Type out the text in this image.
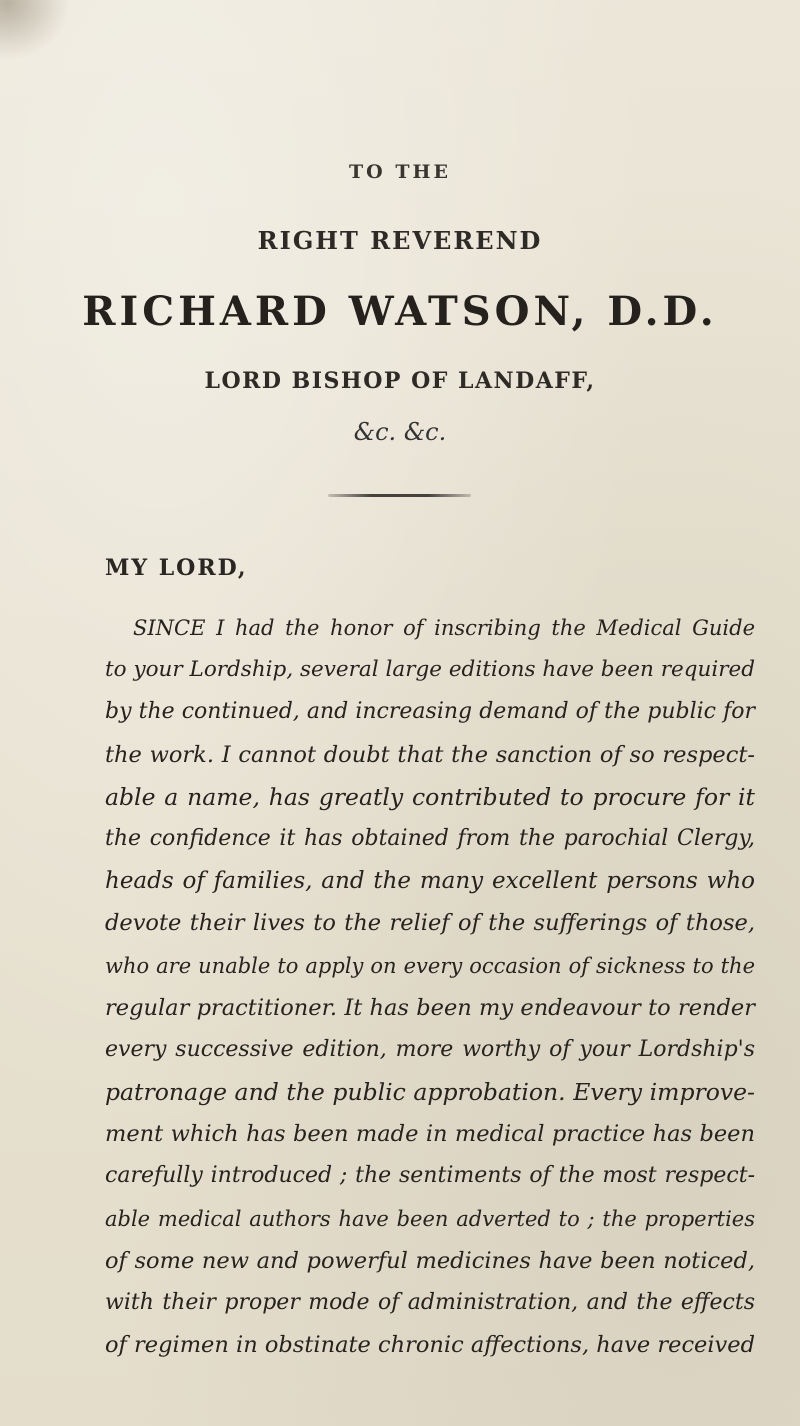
TO THE
RIGHT REVEREND
RICHARD WATSON, D.D.
LORD BISHOP OF LANDAFF,
&c. &c.
MY LORD,
SINCE I had the honor of inscribing the Medical Guide
to your Lordship, several large editions have been required
by the continued, and increasing demand of the public for
the work. I cannot doubt that the sanction of so respect-
able a name, has greatly contributed to procure for it
the confidence it has obtained from the parochial Clergy,
heads of families, and the many excellent persons who
devote their lives to the relief of the sufferings of those,
who are unable to apply on every occasion of sickness to the
regular practitioner. It has been my endeavour to render
every successive edition, more worthy of your Lordship's
patronage and the public approbation. Every improve-
ment which has been made in medical practice has been
carefully introduced ; the sentiments of the most respect-
able medical authors have been adverted to ; the properties
of some new and powerful medicines have been noticed,
with their proper mode of administration, and the effects
of regimen in obstinate chronic affections, have received
